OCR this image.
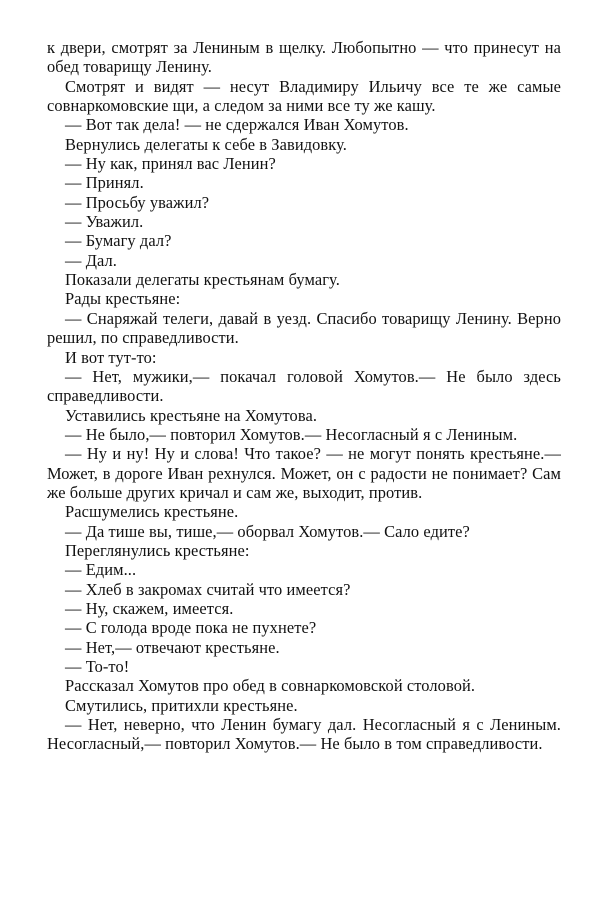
к двери, смотрят за Лениным в щелку. Любопытно — что принесут на обед товарищу Ленину.

Смотрят и видят — несут Владимиру Ильичу все те же самые совнаркомовские щи, а следом за ними все ту же кашу.

— Вот так дела! — не сдержался Иван Хомутов.

Вернулись делегаты к себе в Завидовку.

— Ну как, принял вас Ленин?

— Принял.

— Просьбу уважил?

— Уважил.

— Бумагу дал?

— Дал.

Показали делегаты крестьянам бумагу.

Рады крестьяне:

— Снаряжай телеги, давай в уезд. Спасибо товарищу Ленину. Верно решил, по справедливости.

И вот тут-то:

— Нет, мужики,— покачал головой Хомутов.— Не было здесь справедливости.

Уставились крестьяне на Хомутова.

— Не было,— повторил Хомутов.— Несогласный я с Лениным.

— Ну и ну! Ну и слова! Что такое? — не могут понять крестьяне.— Может, в дороге Иван рехнулся. Может, он с радости не понимает? Сам же больше других кричал и сам же, выходит, против.

Расшумелись крестьяне.

— Да тише вы, тише,— оборвал Хомутов.— Сало едите?

Переглянулись крестьяне:

— Едим...

— Хлеб в закромах считай что имеется?

— Ну, скажем, имеется.

— С голода вроде пока не пухнете?

— Нет,— отвечают крестьяне.

— То-то!

Рассказал Хомутов про обед в совнаркомовской столовой.

Смутились, притихли крестьяне.

— Нет, неверно, что Ленин бумагу дал. Несогласный я с Лениным. Несогласный,— повторил Хомутов.— Не было в том справедливости.
